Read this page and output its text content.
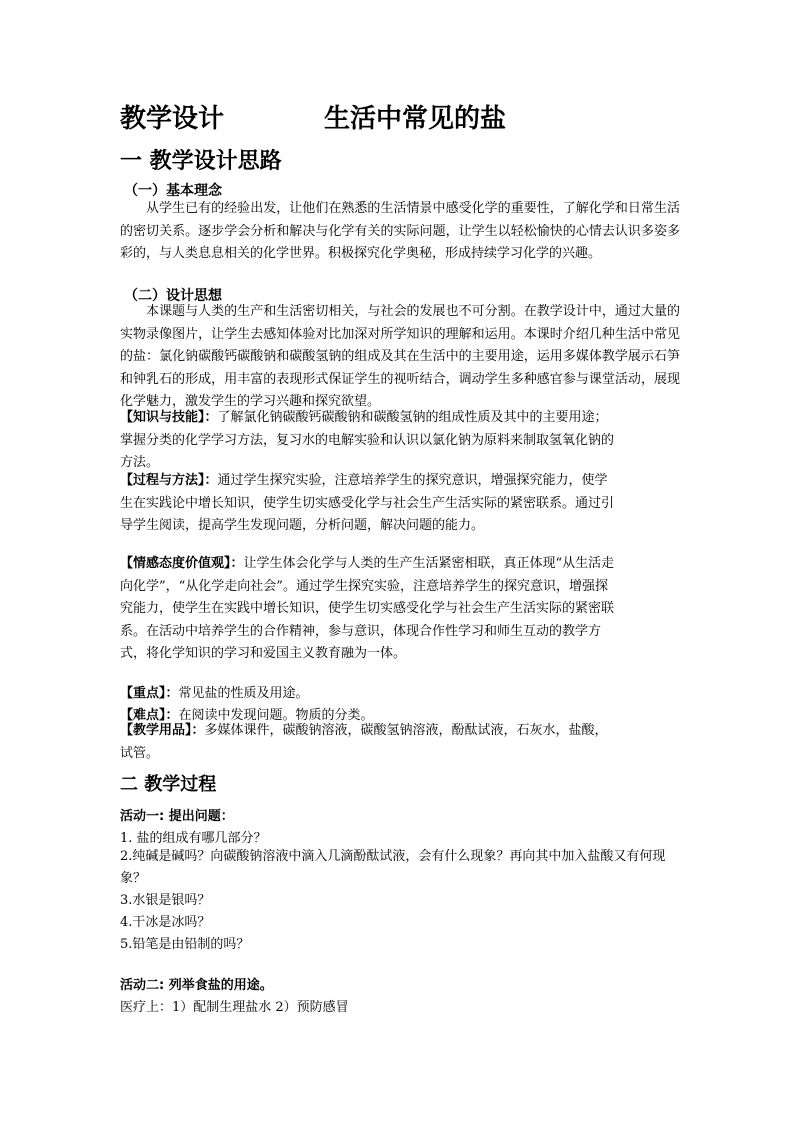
教学设计	生活中常见的盐
一 教学设计思路
（一）基本理念
从学生已有的经验出发，让他们在熟悉的生活情景中感受化学的重要性，了解化学和日常生活的密切关系。逐步学会分析和解决与化学有关的实际问题，让学生以轻松愉快的心情去认识多姿多彩的，与人类息息相关的化学世界。积极探究化学奥秘，形成持续学习化学的兴趣。
（二）设计思想
本课题与人类的生产和生活密切相关，与社会的发展也不可分割。在教学设计中，通过大量的实物录像图片，让学生去感知体验对比加深对所学知识的理解和运用。本课时介绍几种生活中常见的盐：氯化钠碳酸钙碳酸钠和碳酸氢钠的组成及其在生活中的主要用途，运用多媒体教学展示石笋和钟乳石的形成，用丰富的表现形式保证学生的视听结合，调动学生多种感官参与课堂活动，展现化学魅力，激发学生的学习兴趣和探究欲望。
【知识与技能】：了解氯化钠碳酸钙碳酸钠和碳酸氢钠的组成性质及其中的主要用途；掌握分类的化学学习方法，复习水的电解实验和认识以氯化钠为原料来制取氢氧化钠的方法。
【过程与方法】：通过学生探究实验，注意培养学生的探究意识，增强探究能力，使学生在实践论中增长知识，使学生切实感受化学与社会生产生活实际的紧密联系。通过引导学生阅读，提高学生发现问题，分析问题，解决问题的能力。
【情感态度价值观】：让学生体会化学与人类的生产生活紧密相联，真正体现“从生活走向化学”，“从化学走向社会”。通过学生探究实验，注意培养学生的探究意识，增强探究能力，使学生在实践中增长知识，使学生切实感受化学与社会生产生活实际的紧密联系。在活动中培养学生的合作精神，参与意识，体现合作性学习和师生互动的教学方式，将化学知识的学习和爱国主义教育融为一体。
【重点】：常见盐的性质及用途。
【难点】：在阅读中发现问题。物质的分类。
【教学用品】：多媒体课件，碳酸钠溶液，碳酸氢钠溶液，酚酞试液，石灰水，盐酸，试管。
二 教学过程
活动一: 提出问题：
1. 盐的组成有哪几部分？
2.纯碱是碱吗？向碳酸钠溶液中滴入几滴酚酞试液，会有什么现象？再向其中加入盐酸又有何现象？
3.水银是银吗？
4.干冰是冰吗？
5.铅笔是由铅制的吗？
活动二: 列举食盐的用途。
医疗上：1）配制生理盐水 2）预防感冒
